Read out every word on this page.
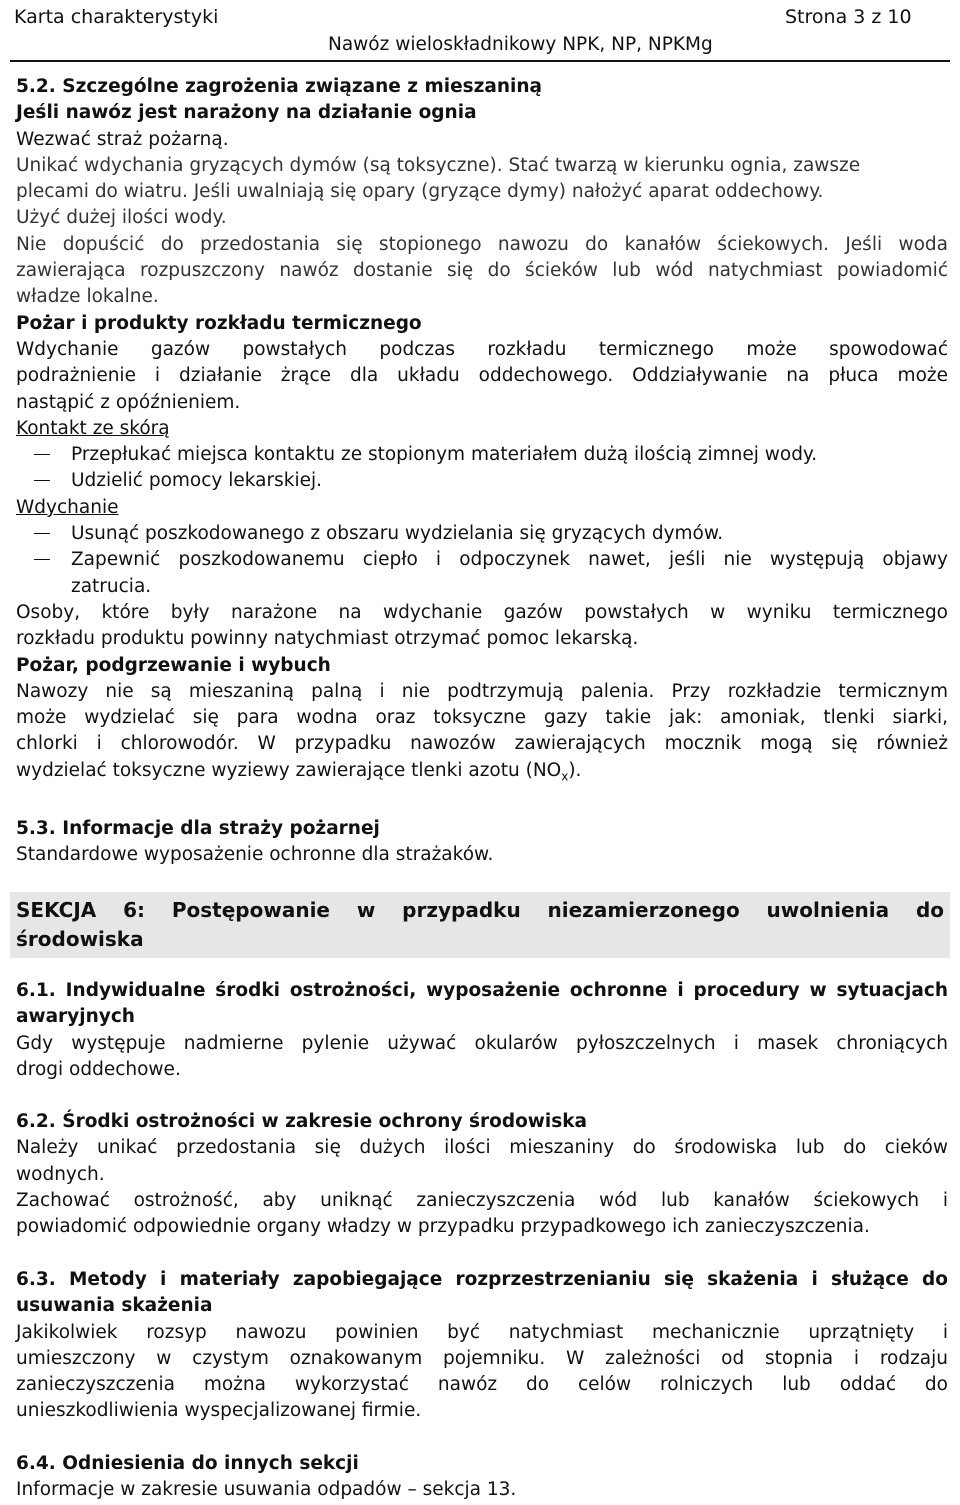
Karta charakterystyki	Strona 3 z 10
Nawóz wieloskładnikowy NPK, NP, NPKMg

5.2. Szczególne zagrożenia związane z mieszaniną

Jeśli nawóz jest narażony na działanie ognia

Wezwać straż pożarną.

Unikać wdychania gryzących dymów (są toksyczne). Stać twarzą w kierunku ognia, zawsze

plecami do wiatru. Jeśli uwalniają się opary (gryzące dymy) nałożyć aparat oddechowy.

Użyć dużej ilości wody.

Nie dopuścić do przedostania się stopionego nawozu do kanałów ściekowych. Jeśli woda

zawierająca rozpuszczony nawóz dostanie się do ścieków lub wód natychmiast powiadomić

władze lokalne.

Pożar i produkty rozkładu termicznego

Wdychanie gazów powstałych podczas rozkładu termicznego może spowodować

podrażnienie i działanie żrące dla układu oddechowego. Oddziaływanie na płuca może

nastąpić z opóźnieniem.

Kontakt ze skórą

Przepłukać miejsca kontaktu ze stopionym materiałem dużą ilością zimnej wody.

Udzielić pomocy lekarskiej.

Wdychanie

Usunąć poszkodowanego z obszaru wydzielania się gryzących dymów.

Zapewnić poszkodowanemu ciepło i odpoczynek nawet, jeśli nie występują objawy

zatrucia.

Osoby, które były narażone na wdychanie gazów powstałych w wyniku termicznego

rozkładu produktu powinny natychmiast otrzymać pomoc lekarską.

Pożar, podgrzewanie i wybuch

Nawozy nie są mieszaniną palną i nie podtrzymują palenia. Przy rozkładzie termicznym

może wydzielać się para wodna oraz toksyczne gazy takie jak: amoniak, tlenki siarki,

chlorki i chlorowodór. W przypadku nawozów zawierających mocznik mogą się również

wydzielać toksyczne wyziewy zawierające tlenki azotu $(NO_x)$.

5.3. Informacje dla straży pożarnej

Standardowe wyposażenie ochronne dla strażaków.

SEKCJA 6: Postępowanie w przypadku niezamierzonego uwolnienia do
środowiska

6.1. Indywidualne środki ostrożności, wyposażenie ochronne i procedury w sytuacjach

awaryjnych

Gdy występuje nadmierne pylenie używać okularów pyłoszczelnych i masek chroniących

drogi oddechowe.

6.2. Środki ostrożności w zakresie ochrony środowiska

Należy unikać przedostania się dużych ilości mieszaniny do środowiska lub do cieków

wodnych.

Zachować ostrożność, aby uniknąć zanieczyszczenia wód lub kanałów ściekowych i

powiadomić odpowiednie organy władzy w przypadku przypadkowego ich zanieczyszczenia.

6.3. Metody i materiały zapobiegające rozprzestrzenianiu się skażenia i służące do

usuwania skażenia

Jakikolwiek rozsyp nawozu powinien być natychmiast mechanicznie uprzątnięty i

umieszczony w czystym oznakowanym pojemniku. W zależności od stopnia i rodzaju

zanieczyszczenia można wykorzystać nawóz do celów rolniczych lub oddać do

unieszkodliwienia wyspecjalizowanej firmie.

6.4. Odniesienia do innych sekcji

Informacje w zakresie usuwania odpadów – sekcja 13.
